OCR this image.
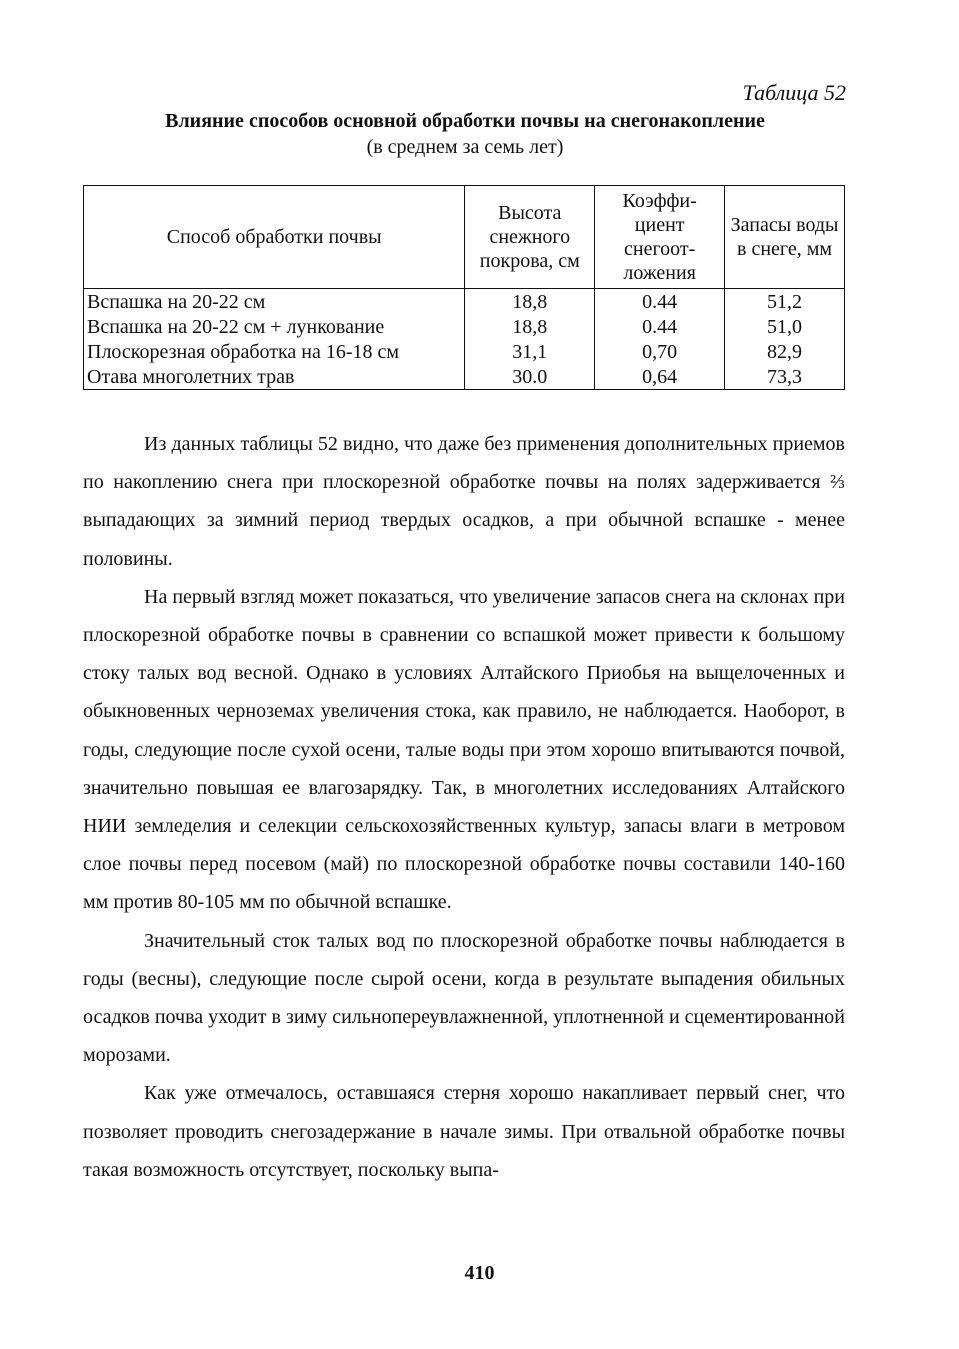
Таблица 52
Влияние способов основной обработки почвы на снегонакопление
(в среднем за семь лет)
Способ обработки почвы	Высота снежного покрова, см	Коэффи- циент снегоот- ложения	Запасы воды в снеге, мм
Вспашка на 20-22 см	18,8	0.44	51,2
Вспашка на 20-22 см + лункование	18,8	0.44	51,0
Плоскорезная обработка на 16-18 см	31,1	0,70	82,9
Отава многолетних трав	30.0	0,64	73,3

Из данных таблицы 52 видно, что даже без применения дополнительных приемов по накоплению снега при плоскорезной обработке почвы на полях задерживается ⅔ выпадающих за зимний период твердых осадков, а при обычной вспашке - менее половины.

На первый взгляд может показаться, что увеличение запасов снега на склонах при плоскорезной обработке почвы в сравнении со вспашкой может привести к большому стоку талых вод весной. Однако в условиях Алтайского Приобья на выщелоченных и обыкновенных черноземах увеличения стока, как правило, не наблюдается. Наоборот, в годы, следующие после сухой осени, талые воды при этом хорошо впитываются почвой, значительно повышая ее влагозарядку. Так, в многолетних исследованиях Алтайского НИИ земледелия и селекции сельскохозяйственных культур, запасы влаги в метровом слое почвы перед посевом (май) по плоскорезной обработке почвы составили 140-160 мм против 80-105 мм по обычной вспашке.

Значительный сток талых вод по плоскорезной обработке почвы наблюдается в годы (весны), следующие после сырой осени, когда в результате выпадения обильных осадков почва уходит в зиму сильнопереувлажненной, уплотненной и сцементированной морозами.

Как уже отмечалось, оставшаяся стерня хорошо накапливает первый снег, что позволяет проводить снегозадержание в начале зимы. При отвальной обработке почвы такая возможность отсутствует, поскольку выпа-

410
